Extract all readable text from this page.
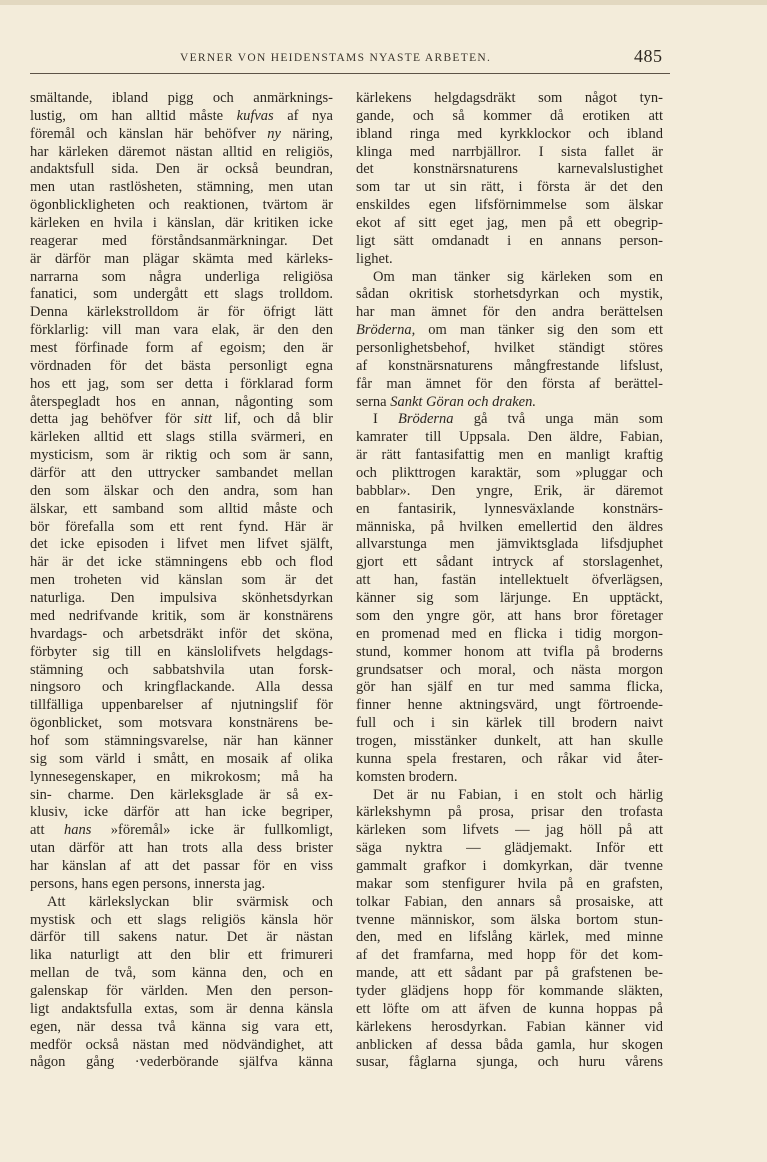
VERNER VON HEIDENSTAMS NYASTE ARBETEN.	485
smältande, ibland pigg och anmärknings-
lustig, om han alltid måste kufvas af nya
föremål och känslan här behöfver ny näring,
har kärleken däremot nästan alltid en religiös,
andaktsfull sida. Den är också beundran,
men utan rastlösheten, stämning, men utan
ögonblickligheten och reaktionen, tvärtom är
kärleken en hvila i känslan, där kritiken icke
reagerar med förståndsanmärkningar. Det
är därför man plägar skämta med kärleks-
narrarna som några underliga religiösa
fanatici, som undergått ett slags trolldom.
Denna kärlekstrolldom är för öfrigt lätt
förklarlig: vill man vara elak, är den den
mest förfinade form af egoism; den är
vördnaden för det bästa personligt egna
hos ett jag, som ser detta i förklarad form
återspegladt hos en annan, någonting som
detta jag behöfver för sitt lif, och då blir
kärleken alltid ett slags stilla svärmeri, en
mysticism, som är riktig och som är sann,
därför att den uttrycker sambandet mellan
den som älskar och den andra, som han
älskar, ett samband som alltid måste och
bör förefalla som ett rent fynd. Här är
det icke episoden i lifvet men lifvet själft,
här är det icke stämningens ebb och flod
men troheten vid känslan som är det
naturliga. Den impulsiva skönhetsdyrkan
med nedrifvande kritik, som är konstnärens
hvardags- och arbetsdräkt inför det sköna,
förbyter sig till en känslolifvets helgdags-
stämning och sabbatshvila utan forsk-
ningsoro och kringflackande. Alla dessa
tillfälliga uppenbarelser af njutningslif för
ögonblicket, som motsvara konstnärens be-
hof som stämningsvarelse, när han känner
sig som värld i smått, en mosaik af olika
lynnesegenskaper, en mikrokosm; må ha
sin- charme. Den kärleksglade är så ex-
klusiv, icke därför att han icke begriper,
att hans »föremål» icke är fullkomligt,
utan därför att han trots alla dess brister
har känslan af att det passar för en viss
persons, hans egen persons, innersta jag.
Att kärlekslyckan blir svärmisk och
mystisk och ett slags religiös känsla hör
därför till sakens natur. Det är nästan
lika naturligt att den blir ett frimureri
mellan de två, som känna den, och en
galenskap för världen. Men den person-
ligt andaktsfulla extas, som är denna känsla
egen, när dessa två känna sig vara ett,
medför också nästan med nödvändighet, att
någon gång ·vederbörande själfva känna
kärlekens helgdagsdräkt som något tyn-
gande, och så kommer då erotiken att
ibland ringa med kyrkklockor och ibland
klinga med narrbjällror. I sista fallet är
det konstnärsnaturens karnevalslustighet
som tar ut sin rätt, i första är det den
enskildes egen lifsförnimmelse som älskar
ekot af sitt eget jag, men på ett obegrip-
ligt sätt omdanadt i en annans person-
lighet.
Om man tänker sig kärleken som en
sådan okritisk storhetsdyrkan och mystik,
har man ämnet för den andra berättelsen
Bröderna, om man tänker sig den som ett
personlighetsbehof, hvilket ständigt störes
af konstnärsnaturens mångfrestande lifslust,
får man ämnet för den första af berättel-
serna Sankt Göran och draken.
I Bröderna gå två unga män som
kamrater till Uppsala. Den äldre, Fabian,
är rätt fantasifattig men en manligt kraftig
och plikttrogen karaktär, som »pluggar och
babblar». Den yngre, Erik, är däremot
en fantasirik, lynnesväxlande konstnärs-
människa, på hvilken emellertid den äldres
allvarstunga men jämviktsglada lifsdjuphet
gjort ett sådant intryck af storslagenhet,
att han, fastän intellektuelt öfverlägsen,
känner sig som lärjunge. En upptäckt,
som den yngre gör, att hans bror företager
en promenad med en flicka i tidig morgon-
stund, kommer honom att tvifla på broderns
grundsatser och moral, och nästa morgon
gör han själf en tur med samma flicka,
finner henne aktningsvärd, ungt förtroende-
full och i sin kärlek till brodern naivt
trogen, misstänker dunkelt, att han skulle
kunna spela frestaren, och råkar vid åter-
komsten brodern.
Det är nu Fabian, i en stolt och härlig
kärlekshymn på prosa, prisar den trofasta
kärleken som lifvets — jag höll på att
säga nyktra — glädjemakt. Inför ett
gammalt grafkor i domkyrkan, där tvenne
makar som stenfigurer hvila på en grafsten,
tolkar Fabian, den annars så prosaiske, att
tvenne människor, som älska bortom stun-
den, med en lifslång kärlek, med minne
af det framfarna, med hopp för det kom-
mande, att ett sådant par på grafstenen be-
tyder glädjens hopp för kommande släkten,
ett löfte om att äfven de kunna hoppas på
kärlekens herosdyrkan. Fabian känner vid
anblicken af dessa båda gamla, hur skogen
susar, fåglarna sjunga, och huru vårens
